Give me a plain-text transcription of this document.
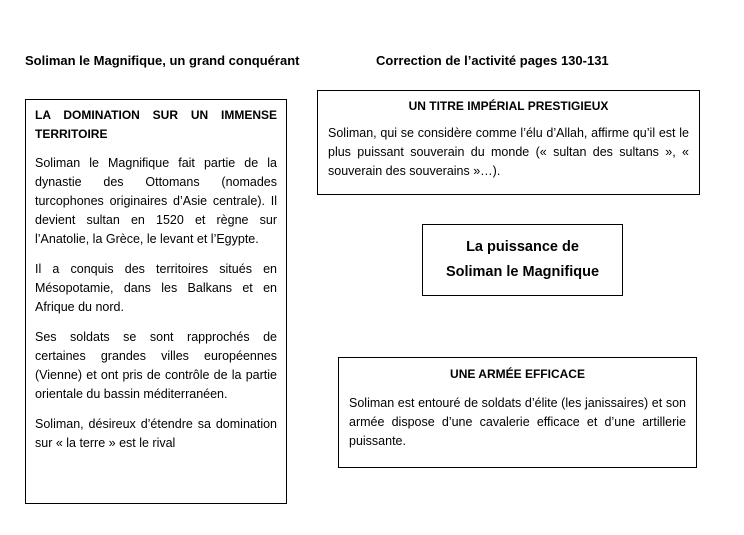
Soliman le Magnifique, un grand conquérant	Correction de l’activité pages 130-131
LA DOMINATION SUR UN IMMENSE TERRITOIRE

Soliman le Magnifique fait partie de la dynastie des Ottomans (nomades turcophones originaires d’Asie centrale). Il devient sultan en 1520 et règne sur l’Anatolie, la Grèce, le levant et l’Egypte.

Il a conquis des territoires situés en Mésopotamie, dans les Balkans et en Afrique du nord.

Ses soldats se sont rapprochés de certaines grandes villes européennes (Vienne) et ont pris de contrôle de la partie orientale du bassin méditerranéen.

Soliman, désireux d’étendre sa domination sur « la terre » est le rival

UN TITRE IMPÉRIAL PRESTIGIEUX

Soliman, qui se considère comme l’élu d’Allah, affirme qu’il est le plus puissant souverain du monde (« sultan des sultans », « souverain des souverains »…).

La puissance de
Soliman le Magnifique
UNE ARMÉE EFFICACE

Soliman est entouré de soldats d’élite (les janissaires) et son armée dispose d’une cavalerie efficace et d’une artillerie puissante.
